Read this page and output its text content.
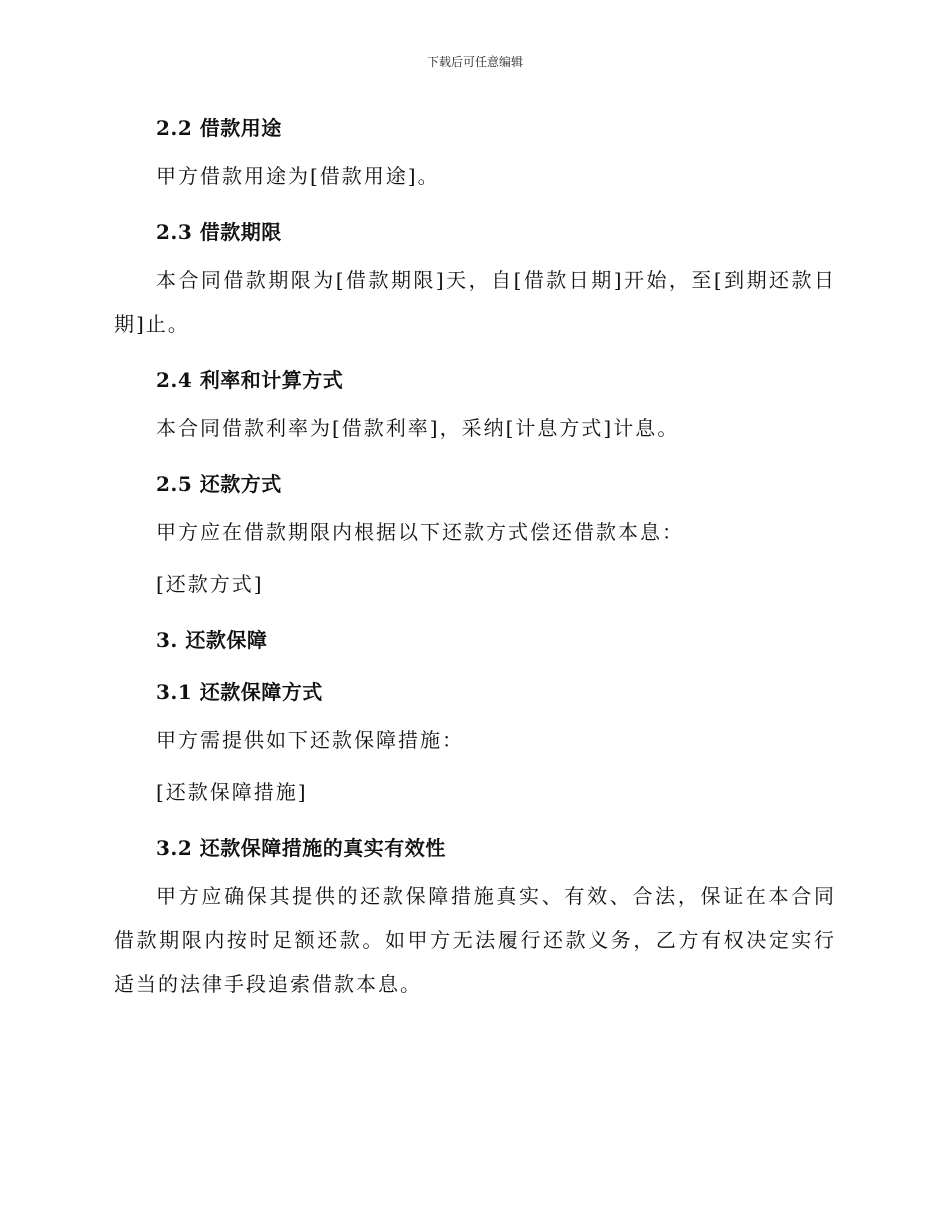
下载后可任意编辑
2.2 借款用途

甲方借款用途为[借款用途]。

2.3 借款期限

本合同借款期限为[借款期限]天，自[借款日期]开始，至[到期还款日期]止。

2.4 利率和计算方式

本合同借款利率为[借款利率]，采纳[计息方式]计息。

2.5 还款方式

甲方应在借款期限内根据以下还款方式偿还借款本息：

[还款方式]

3. 还款保障
3.1 还款保障方式

甲方需提供如下还款保障措施：

[还款保障措施]

3.2 还款保障措施的真实有效性

甲方应确保其提供的还款保障措施真实、有效、合法，保证在本合同借款期限内按时足额还款。如甲方无法履行还款义务，乙方有权决定实行适当的法律手段追索借款本息。
